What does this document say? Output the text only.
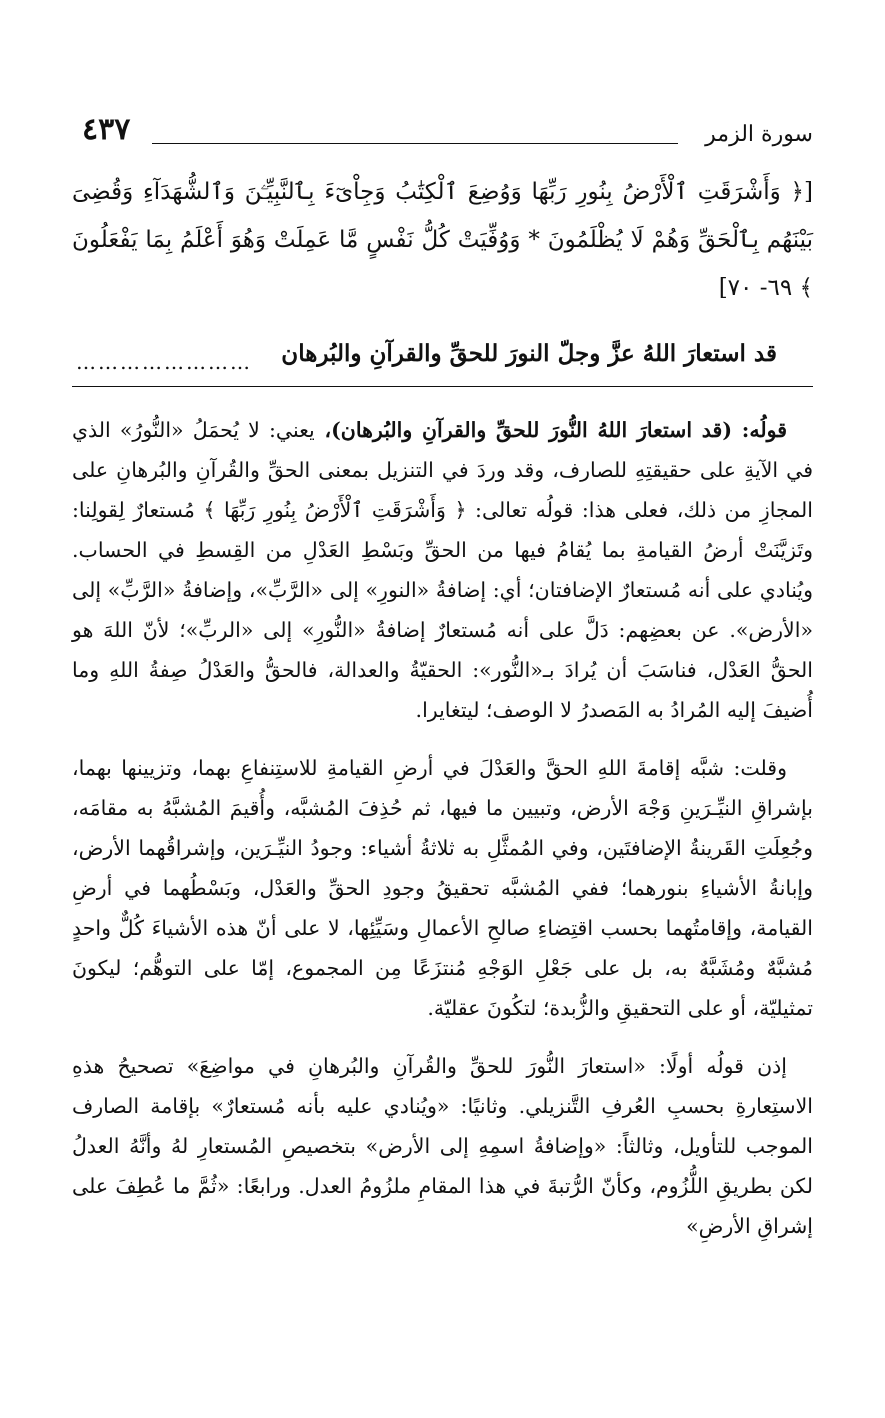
سورة الزمر
٤٣٧
[﴿ وَأَشْرَقَتِ ٱلْأَرْضُ بِنُورِ رَبِّهَا وَوُضِعَ ٱلْكِتَٰبُ وَجِاْىٓءَ بِٱلنَّبِيِّـۧنَ وَٱلشُّهَدَآءِ وَقُضِىَ بَيْنَهُم بِٱلْحَقِّ وَهُمْ لَا يُظْلَمُونَ * وَوُفِّيَتْ كُلُّ نَفْسٍ مَّا عَمِلَتْ وَهُوَ أَعْلَمُ بِمَا يَفْعَلُونَ ﴾ ٦٩- ٧٠]
قد استعارَ اللهُ عزَّ وجلّ النورَ للحقِّ والقرآنِ والبُرهان
……………………

قولُه: (قد استعارَ اللهُ النُّورَ للحقِّ والقرآنِ والبُرهان)، يعني: لا يُحمَلُ «النُّورُ» الذي في الآيةِ على حقيقتِهِ للصارف، وقد وردَ في التنزيل بمعنى الحقِّ والقُرآنِ والبُرهانِ على المجازِ من ذلك، فعلى هذا: قولُه تعالى: ﴿ وَأَشْرَقَتِ ٱلْأَرْضُ بِنُورِ رَبِّهَا ﴾ مُستعارٌ لِقولِنا: وتَزيَّنَتْ أرضُ القيامةِ بما يُقامُ فيها من الحقِّ وبَسْطِ العَدْلِ من القِسطِ في الحساب. ويُنادي على أنه مُستعارٌ الإضافتان؛ أي: إضافةُ «النورِ» إلى «الرَّبِّ»، وإضافةُ «الرَّبِّ» إلى «الأرض». عن بعضِهم: دَلَّ على أنه مُستعارٌ إضافةُ «النُّورِ» إلى «الربِّ»؛ لأنّ اللهَ هو الحقُّ العَدْل، فناسَبَ أن يُرادَ بـ«النُّور»: الحقيّةُ والعدالة، فالحقُّ والعَدْلُ صِفةُ اللهِ وما أُضيفَ إليه المُرادُ به المَصدرُ لا الوصف؛ ليتغايرا.

وقلت: شبَّه إقامةَ اللهِ الحقَّ والعَدْلَ في أرضِ القيامةِ للاستِنفاعِ بهما، وتزيينها بهما، بإشراقِ النيِّـرَينِ وَجْهَ الأرض، وتبيين ما فيها، ثم حُذِفَ المُشبَّه، وأُقيمَ المُشبَّهُ به مقامَه، وجُعِلَتِ القَرينةُ الإضافتَين، وفي المُمثَّلِ به ثلاثةُ أشياء: وجودُ النيِّـرَين، وإشراقُهما الأرض، وإبانةُ الأشياءِ بنورهما؛ ففي المُشبَّه تحقيقُ وجودِ الحقِّ والعَدْل، وبَسْطُهما في أرضِ القيامة، وإقامتُهما بحسب اقتِضاءِ صالحِ الأعمالِ وسَيِّئِها، لا على أنّ هذه الأشياءَ كُلٌّ واحدٍ مُشبَّهٌ ومُشَبَّهٌ به، بل على جَعْلِ الوَجْهِ مُنتزَعًا مِن المجموع، إمّا على التوهُّم؛ ليكونَ تمثيليّة، أو على التحقيقِ والزُّبدة؛ لتكُونَ عقليّة.

إذن قولُه أولًا: «استعارَ النُّورَ للحقِّ والقُرآنِ والبُرهانِ في مواضِعَ» تصحيحُ هذهِ الاستِعارةِ بحسبِ العُرفِ التَّنزيلي. وثانيًا: «ويُنادي عليه بأنه مُستعارٌ» بإقامة الصارف الموجب للتأويل، وثالثاً: «وإضافةُ اسمِهِ إلى الأرض» بتخصيصِ المُستعارِ لهُ وأنَّهُ العدلُ لكن بطريقِ اللُّزُوم، وكأنّ الرُّتبةَ في هذا المقامِ ملزُومُ العدل. ورابعًا: «ثُمَّ ما عُطِفَ على إشراقِ الأرضِ»
